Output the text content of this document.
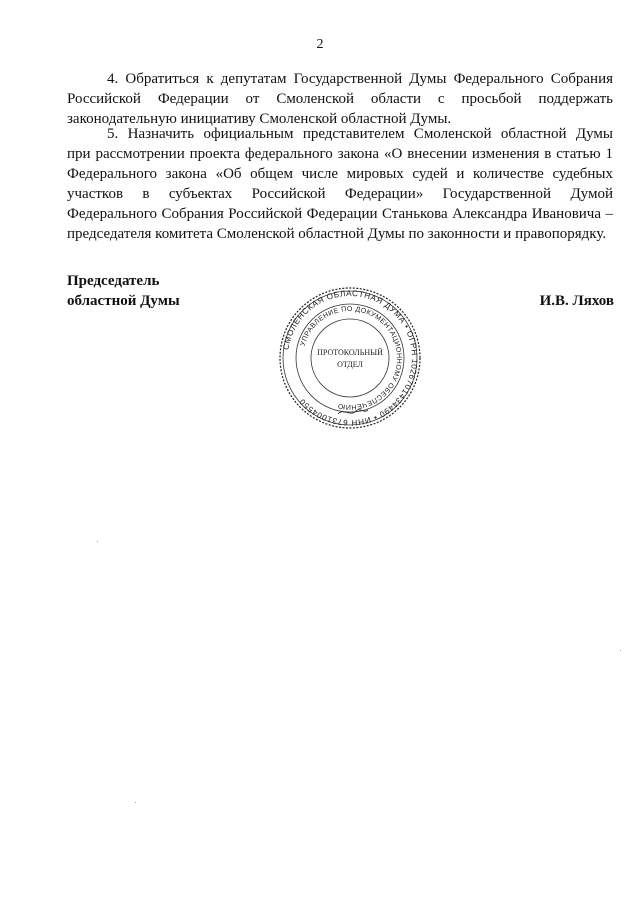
2
4. Обратиться к депутатам Государственной Думы Федерального Собрания
Российской Федерации от Смоленской области с просьбой поддержать
законодательную инициативу Смоленской областной Думы.
5. Назначить официальным представителем Смоленской областной Думы
при рассмотрении проекта федерального закона «О внесении изменения в статью 1
Федерального закона «Об общем числе мировых судей и количестве судебных
участков в субъектах Российской Федерации» Государственной Думой
Федерального Собрания Российской Федерации Станькова Александра Ивановича –
председателя комитета Смоленской областной Думы по законности и правопорядку.
Председатель
областной Думы	И.В. Ляхов
СМОЛЕНСКАЯ ОБЛАСТНАЯ ДУМА • ОГРН 1026701434490 • ИНН 6731004550
УПРАВЛЕНИЕ ПО ДОКУМЕНТАЦИОННОМУ ОБЕСПЕЧЕНИЮ
ПРОТОКОЛЬНЫЙ
ОТДЕЛ
